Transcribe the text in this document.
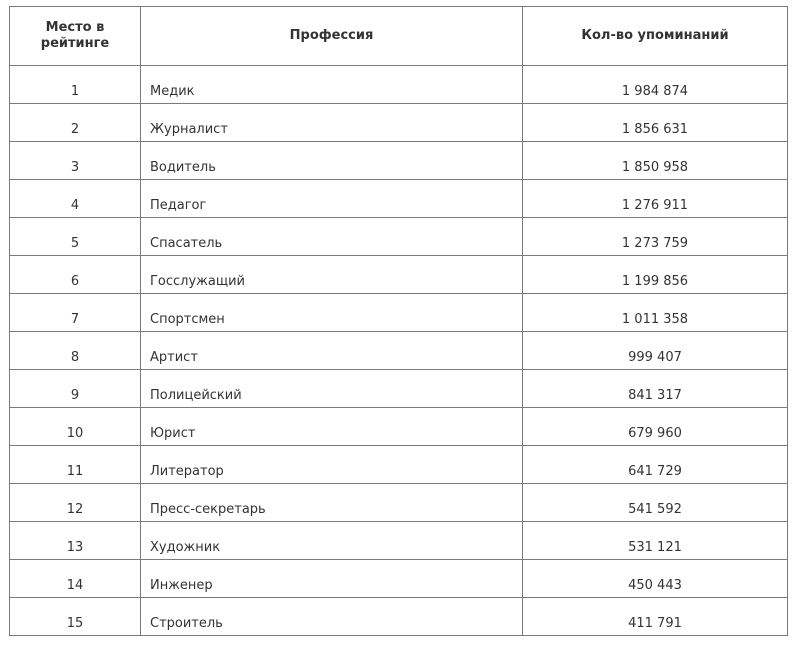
Место в рейтинге	Профессия	Кол-во упоминаний
1	Медик	1 984 874
2	Журналист	1 856 631
3	Водитель	1 850 958
4	Педагог	1 276 911
5	Спасатель	1 273 759
6	Госслужащий	1 199 856
7	Спортсмен	1 011 358
8	Артист	999 407
9	Полицейский	841 317
10	Юрист	679 960
11	Литератор	641 729
12	Пресс-секретарь	541 592
13	Художник	531 121
14	Инженер	450 443
15	Строитель	411 791
